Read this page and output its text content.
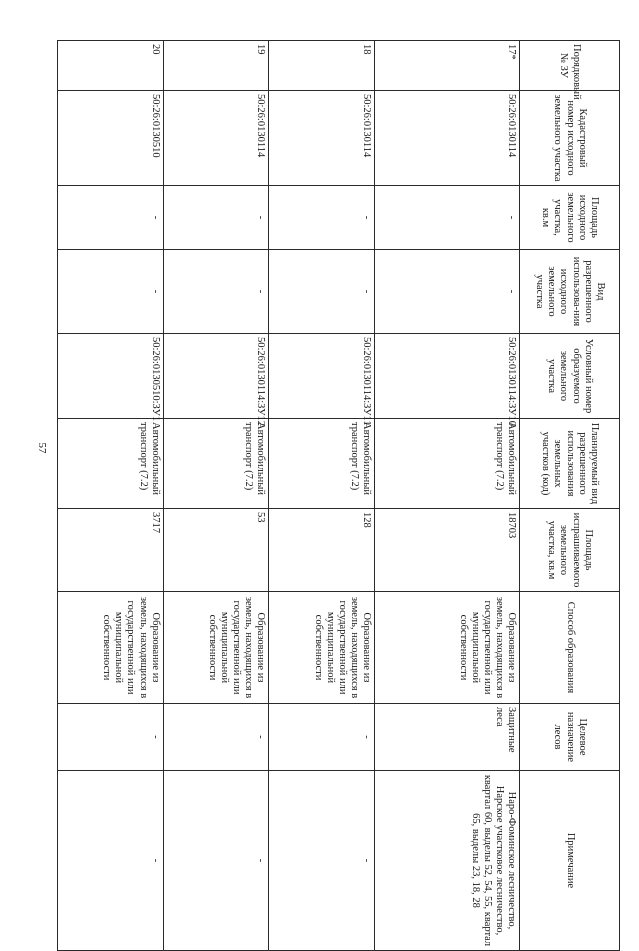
57
Порядковый № ЗУ	Кадастровый номер исходного земельного участка	Площадь исходного земельного участка, кв.м	Вид разрешенного использова-ния исходного земельного участка	Условный номер образуемого земельного участка	Планируемый вид разрешенного использования земельных участков (код)	Площадь испрашиваемого земельного участка, кв.м	Способ образования	Целевое назначение лесов	Примечание
17*	50:26:0130114	-	-	50:26:0130114:ЗУ10	Автомобильный транспорт (7.2)	18703	Образование из земель, находящихся в государственной или муниципальной собственности	Защитные леса	Наро-Фоминское лесничество, Нарское участковое лесничество, квартал 60, выделы 52, 54, 55, квартал 65, выделы 23, 18, 28
18	50:26:0130114	-	-	50:26:0130114:ЗУ11	Автомобильный транспорт (7.2)	128	Образование из земель, находящихся в государственной или муниципальной собственности	-	-
19	50:26:0130114	-	-	50:26:0130114:ЗУ12	Автомобильный транспорт (7.2)	53	Образование из земель, находящихся в государственной или муниципальной собственности	-	-
20	50:26:0130510	-	-	50:26:0130510:ЗУ1	Автомобильный транспорт (7.2)	3717	Образование из земель, находящихся в государственной или муниципальной собственности	-	-
